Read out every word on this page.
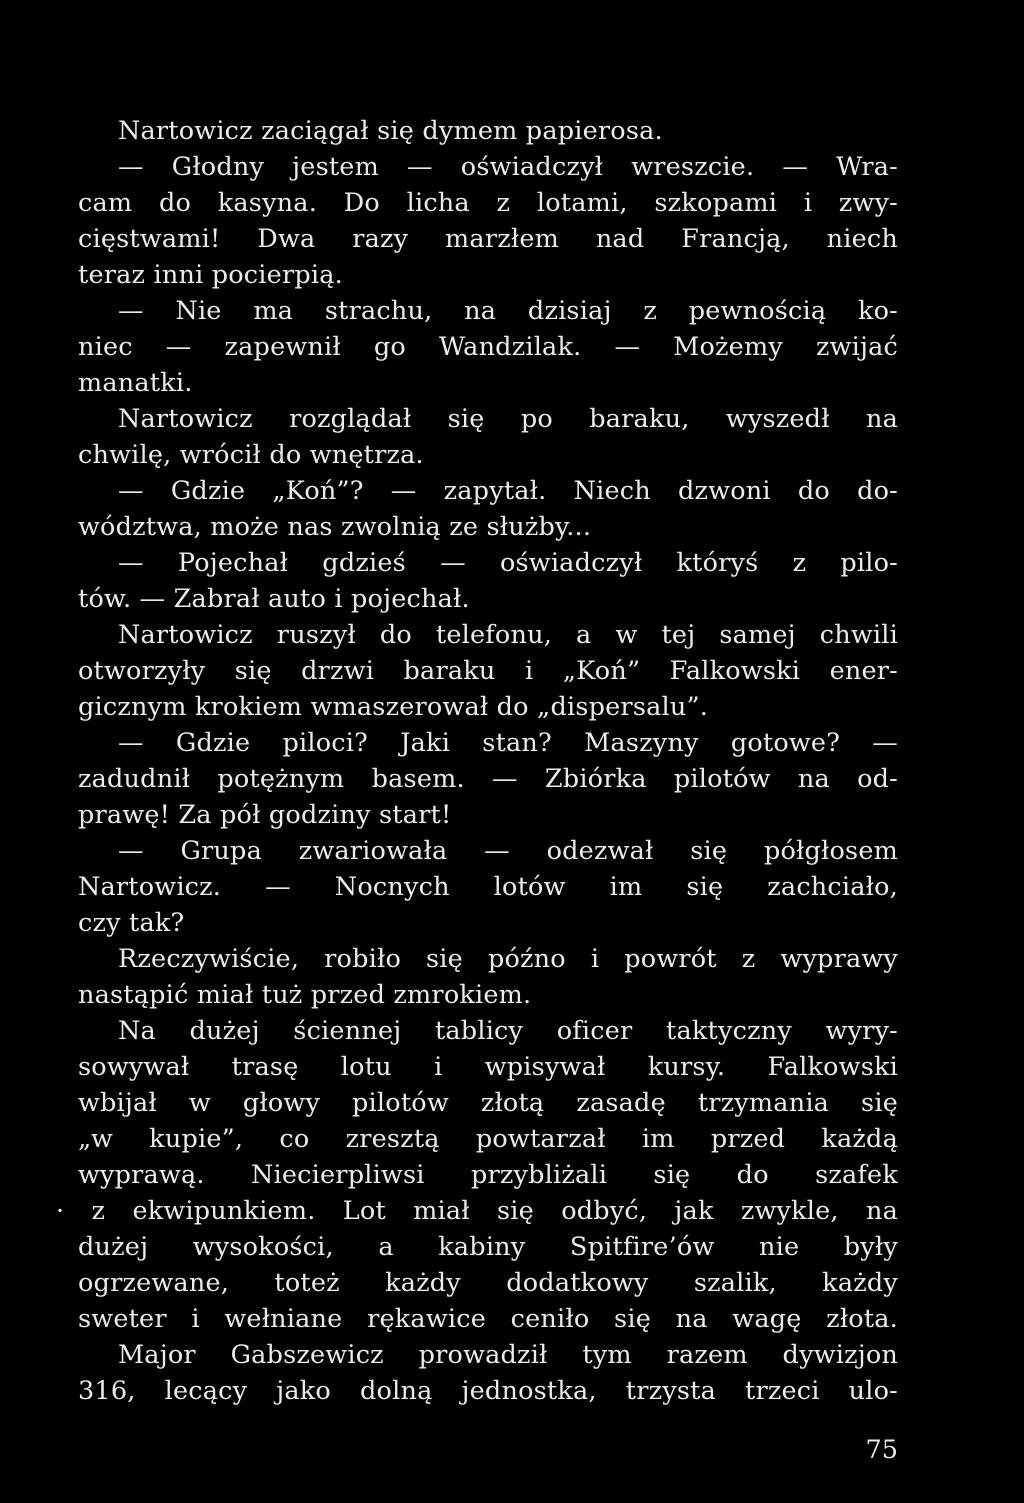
Nartowicz zaciągał się dymem papierosa.
— Głodny jestem — oświadczył wreszcie. — Wra-
cam do kasyna. Do licha z lotami, szkopami i zwy-
cięstwami! Dwa razy marzłem nad Francją, niech
teraz inni pocierpią.
— Nie ma strachu, na dzisiaj z pewnością ko-
niec — zapewnił go Wandzilak. — Możemy zwijać
manatki.
Nartowicz rozglądał się po baraku, wyszedł na
chwilę, wrócił do wnętrza.
— Gdzie „Koń”? — zapytał. Niech dzwoni do do-
wództwa, może nas zwolnią ze służby...
— Pojechał gdzieś — oświadczył któryś z pilo-
tów. — Zabrał auto i pojechał.
Nartowicz ruszył do telefonu, a w tej samej chwili
otworzyły się drzwi baraku i „Koń” Falkowski ener-
gicznym krokiem wmaszerował do „dispersalu”.
— Gdzie piloci? Jaki stan? Maszyny gotowe? —
zadudnił potężnym basem. — Zbiórka pilotów na od-
prawę! Za pół godziny start!
— Grupa zwariowała — odezwał się półgłosem
Nartowicz. — Nocnych lotów im się zachciało,
czy tak?
Rzeczywiście, robiło się późno i powrót z wyprawy
nastąpić miał tuż przed zmrokiem.
Na dużej ściennej tablicy oficer taktyczny wyry-
sowywał trasę lotu i wpisywał kursy. Falkowski
wbijał w głowy pilotów złotą zasadę trzymania się
„w kupie”, co zresztą powtarzał im przed każdą
wyprawą. Niecierpliwsi przybliżali się do szafek
· z ekwipunkiem. Lot miał się odbyć, jak zwykle, na
dużej wysokości, a kabiny Spitfire’ów nie były
ogrzewane, toteż każdy dodatkowy szalik, każdy
sweter i wełniane rękawice ceniło się na wagę złota.
Major Gabszewicz prowadził tym razem dywizjon
316, lecący jako dolną jednostka, trzysta trzeci ulo-
75
